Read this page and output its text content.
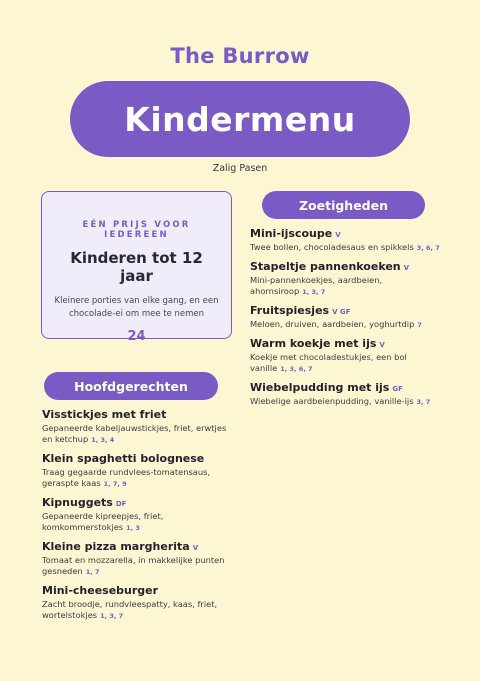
The Burrow
Kindermenu
Zalig Pasen
EÉN PRIJS VOOR IEDEREEN
Kinderen tot 12 jaar
Kleinere porties van elke gang, en een chocolade-ei om mee te nemen
24
Zoetigheden
Mini-ijscoupe V
Twee bollen, chocoladesaus en spikkels 3, 6, 7
Stapeltje pannenkoeken V
Mini-pannenkoekjes, aardbeien, ahornsiroop 1, 3, 7
Fruitspiesjes V GF
Meloen, druiven, aardbeien, yoghurtdip 7
Warm koekje met ijs V
Koekje met chocoladestukjes, een bol vanille 1, 3, 6, 7
Wiebelpudding met ijs GF
Wiebelige aardbeienpudding, vanille-ijs 3, 7
Hoofdgerechten
Visstickjes met friet
Gepaneerde kabeljauwstickjes, friet, erwtjes en ketchup 1, 3, 4
Klein spaghetti bolognese
Traag gegaarde rundvlees-tomatensaus, geraspte kaas 1, 7, 9
Kipnuggets DF
Gepaneerde kipreepjes, friet, komkommerstokjes 1, 3
Kleine pizza margherita V
Tomaat en mozzarella, in makkelijke punten gesneden 1, 7
Mini-cheeseburger
Zacht broodje, rundvleespatty, kaas, friet, wortelstokjes 1, 3, 7
